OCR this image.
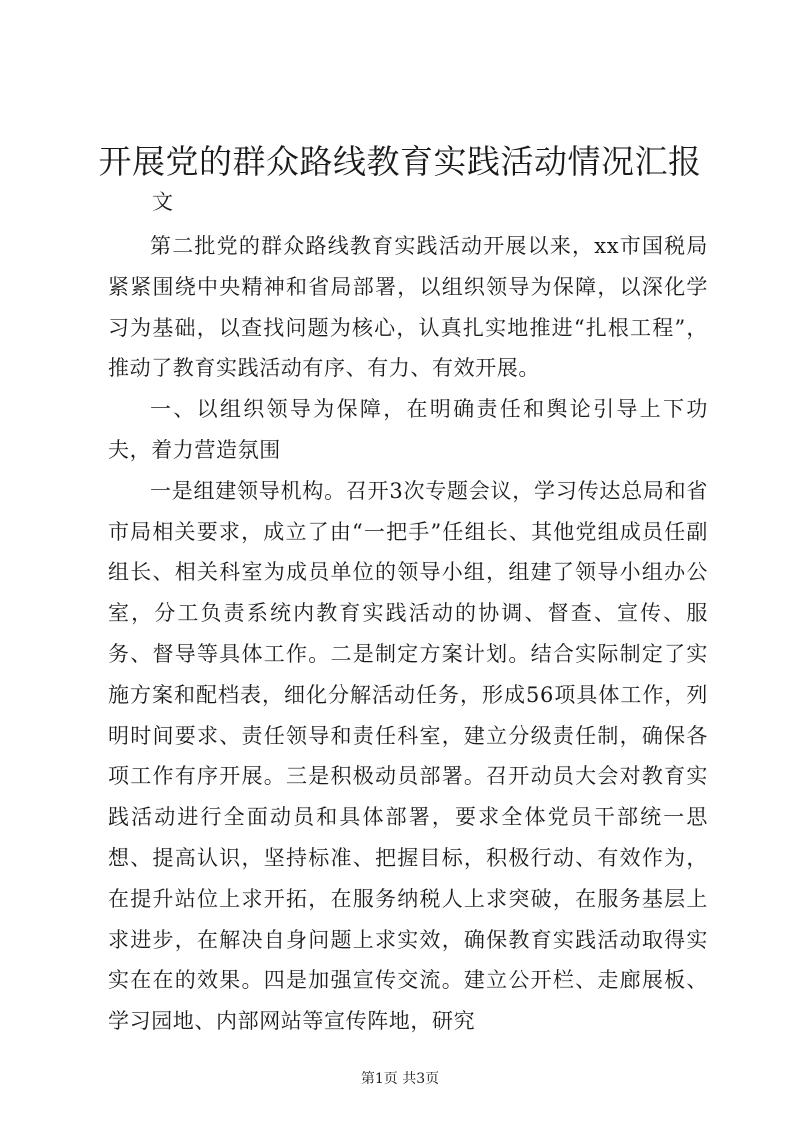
开展党的群众路线教育实践活动情况汇报
文

第二批党的群众路线教育实践活动开展以来，xx市国税局紧紧围绕中央精神和省局部署，以组织领导为保障，以深化学习为基础，以查找问题为核心，认真扎实地推进“扎根工程”，推动了教育实践活动有序、有力、有效开展。

一、以组织领导为保障，在明确责任和舆论引导上下功夫，着力营造氛围

一是组建领导机构。召开3次专题会议，学习传达总局和省市局相关要求，成立了由“一把手”任组长、其他党组成员任副组长、相关科室为成员单位的领导小组，组建了领导小组办公室，分工负责系统内教育实践活动的协调、督查、宣传、服务、督导等具体工作。二是制定方案计划。结合实际制定了实施方案和配档表，细化分解活动任务，形成56项具体工作，列明时间要求、责任领导和责任科室，建立分级责任制，确保各项工作有序开展。三是积极动员部署。召开动员大会对教育实践活动进行全面动员和具体部署，要求全体党员干部统一思想、提高认识，坚持标准、把握目标，积极行动、有效作为，在提升站位上求开拓，在服务纳税人上求突破，在服务基层上求进步，在解决自身问题上求实效，确保教育实践活动取得实实在在的效果。四是加强宣传交流。建立公开栏、走廊展板、学习园地、内部网站等宣传阵地，研究

第1页 共3页
